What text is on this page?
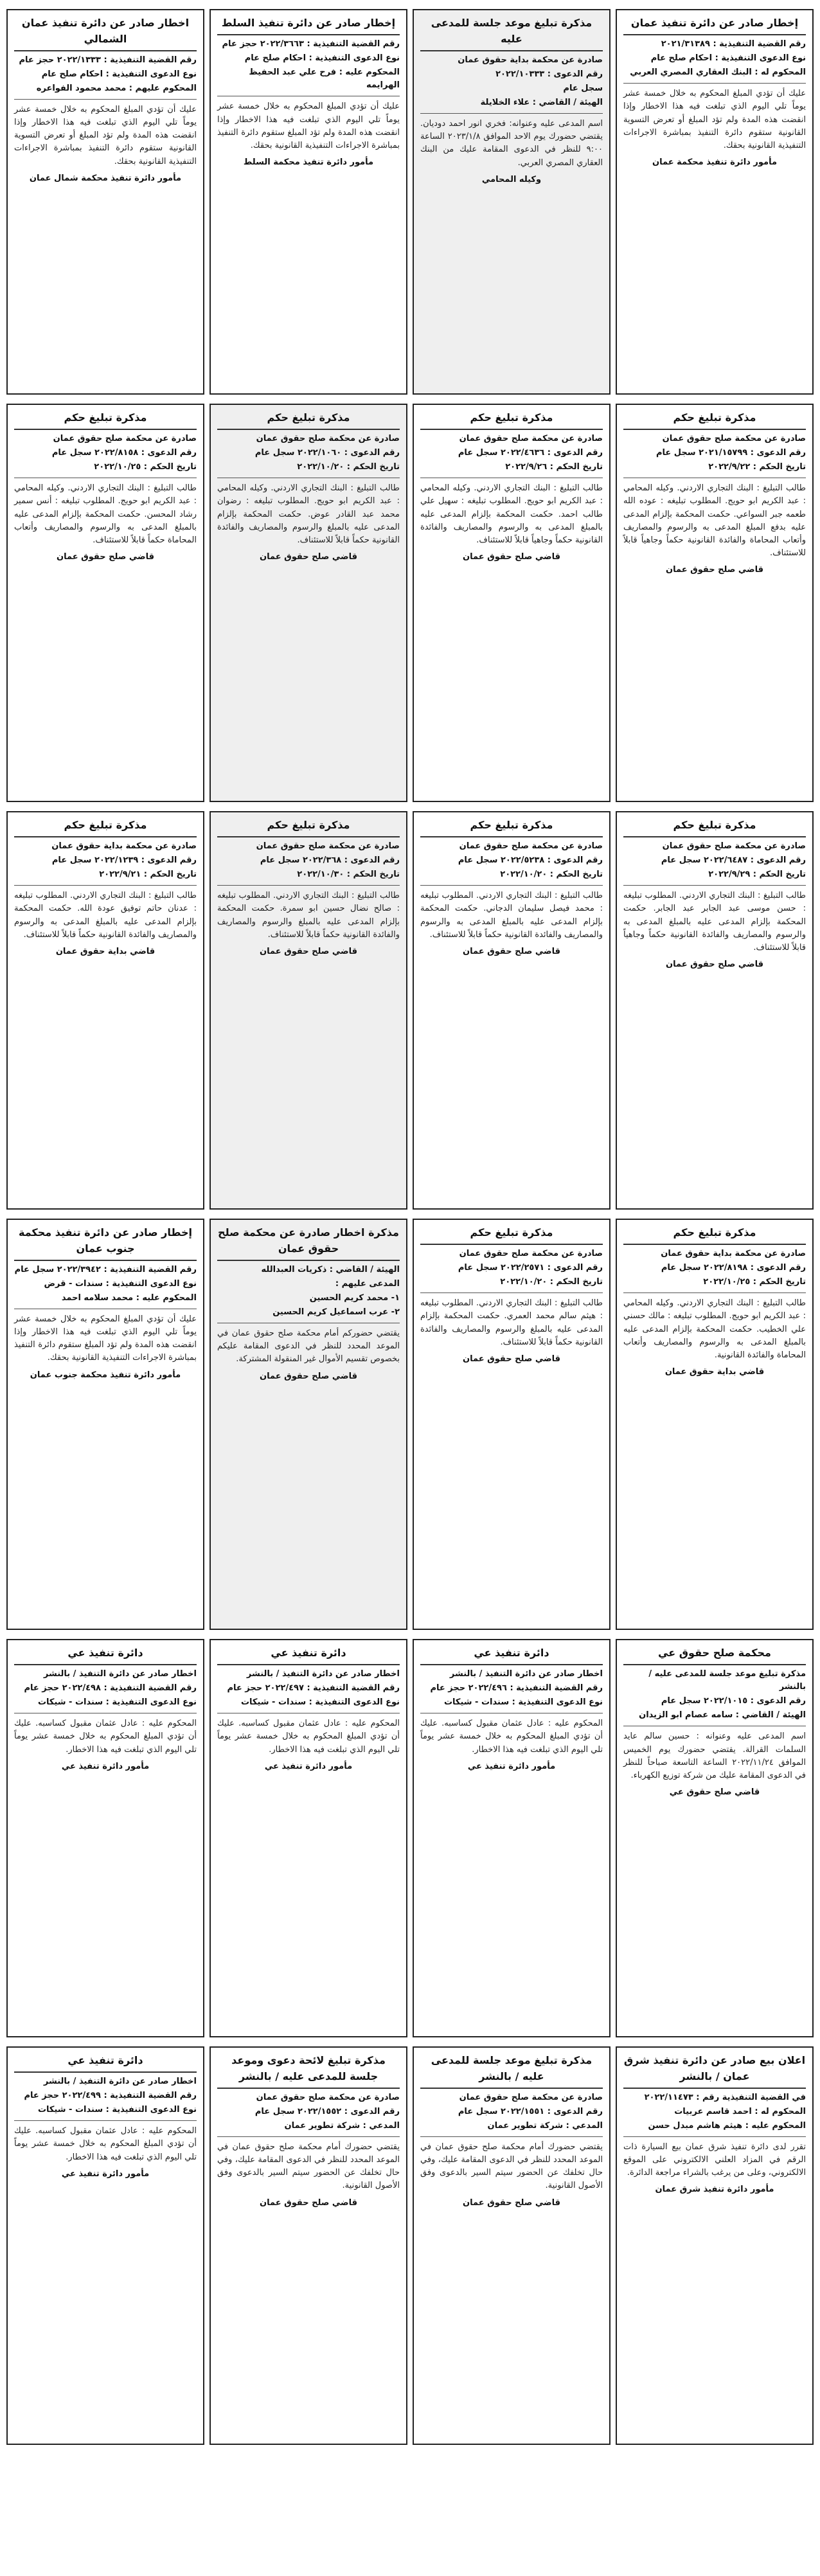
إخطار صادر عن دائرة تنفيذ عمان
رقم القضية التنفيذية : ٢٠٢١/٣١٣٨٩
نوع الدعوى التنفيذية : احكام صلح عام
المحكوم له : البنك العقاري المصري العربي
عليك أن تؤدي المبلغ المحكوم به خلال خمسة عشر يوماً تلي اليوم الذي تبلغت فيه هذا الاخطار وإذا انقضت هذه المدة ولم تؤد المبلغ أو تعرض التسوية القانونية ستقوم دائرة التنفيذ بمباشرة الاجراءات التنفيذية القانونية بحقك.
مأمور دائرة تنفيذ محكمة عمان
مذكرة تبليغ موعد جلسة للمدعى عليه
صادرة عن محكمة بداية حقوق عمان
رقم الدعوى : ٢٠٢٢/١٠٣٣٣
سجل عام
الهيئة / القاضي : علاء الخلايلة
اسم المدعى عليه وعنوانه: فخري انور احمد دوديان. يقتضي حضورك يوم الاحد الموافق ٢٠٢٣/١/٨ الساعة ٩:٠٠ للنظر في الدعوى المقامة عليك من البنك العقاري المصري العربي.
وكيله المحامي
إخطار صادر عن دائرة تنفيذ السلط
رقم القضية التنفيذية : ٢٠٢٢/٣٦٦٣ حجز عام
نوع الدعوى التنفيذية : احكام صلح عام
المحكوم عليه : فرح علي عبد الحفيظ الهرايمه
عليك أن تؤدي المبلغ المحكوم به خلال خمسة عشر يوماً تلي اليوم الذي تبلغت فيه هذا الاخطار وإذا انقضت هذه المدة ولم تؤد المبلغ ستقوم دائرة التنفيذ بمباشرة الاجراءات التنفيذية القانونية بحقك.
مأمور دائرة تنفيذ محكمة السلط
اخطار صادر عن دائرة تنفيذ عمان الشمالي
رقم القضية التنفيذية : ٢٠٢٢/١٣٣٣ حجز عام
نوع الدعوى التنفيذية : احكام صلح عام
المحكوم عليهم : محمد محمود الفواعره
عليك أن تؤدي المبلغ المحكوم به خلال خمسة عشر يوماً تلي اليوم الذي تبلغت فيه هذا الاخطار وإذا انقضت هذه المدة ولم تؤد المبلغ أو تعرض التسوية القانونية ستقوم دائرة التنفيذ بمباشرة الاجراءات التنفيذية القانونية بحقك.
مأمور دائرة تنفيذ محكمة شمال عمان
مذكرة تبليغ حكم
صادرة عن محكمة صلح حقوق عمان
رقم الدعوى : ٢٠٢١/١٥٧٩٩ سجل عام
تاريخ الحكم : ٢٠٢٢/٩/٢٢
طالب التبليغ : البنك التجاري الاردني. وكيله المحامي : عبد الكريم ابو حويج. المطلوب تبليغه : عوده الله طعمه جبر السواعي. حكمت المحكمة بإلزام المدعى عليه بدفع المبلغ المدعى به والرسوم والمصاريف وأتعاب المحاماة والفائدة القانونية حكماً وجاهياً قابلاً للاستئناف.
قاضي صلح حقوق عمان
مذكرة تبليغ حكم
صادرة عن محكمة صلح حقوق عمان
رقم الدعوى : ٢٠٢٢/٤٦٣٦ سجل عام
تاريخ الحكم : ٢٠٢٢/٩/٢٦
طالب التبليغ : البنك التجاري الاردني. وكيله المحامي : عبد الكريم ابو حويج. المطلوب تبليغه : سهيل علي طالب احمد. حكمت المحكمة بإلزام المدعى عليه بالمبلغ المدعى به والرسوم والمصاريف والفائدة القانونية حكماً وجاهياً قابلاً للاستئناف.
قاضي صلح حقوق عمان
مذكرة تبليغ حكم
صادرة عن محكمة صلح حقوق عمان
رقم الدعوى : ٢٠٢٢/١٠٦٠ سجل عام
تاريخ الحكم : ٢٠٢٢/١٠/٢٠
طالب التبليغ : البنك التجاري الاردني. وكيله المحامي : عبد الكريم ابو حويج. المطلوب تبليغه : رضوان محمد عبد القادر عوض. حكمت المحكمة بإلزام المدعى عليه بالمبلغ والرسوم والمصاريف والفائدة القانونية حكماً قابلاً للاستئناف.
قاضي صلح حقوق عمان
مذكرة تبليغ حكم
صادرة عن محكمة صلح حقوق عمان
رقم الدعوى : ٢٠٢٢/٨١٥٨ سجل عام
تاريخ الحكم : ٢٠٢٢/١٠/٢٥
طالب التبليغ : البنك التجاري الاردني. وكيله المحامي : عبد الكريم ابو حويج. المطلوب تبليغه : أنس سمير رشاد المحسن. حكمت المحكمة بإلزام المدعى عليه بالمبلغ المدعى به والرسوم والمصاريف وأتعاب المحاماة حكماً قابلاً للاستئناف.
قاضي صلح حقوق عمان
مذكرة تبليغ حكم
صادرة عن محكمة صلح حقوق عمان
رقم الدعوى : ٢٠٢٢/٦٤٨٧ سجل عام
تاريخ الحكم : ٢٠٢٢/٩/٢٩
طالب التبليغ : البنك التجاري الاردني. المطلوب تبليغه : حسن موسى عبد الجابر عبد الجابر. حكمت المحكمة بإلزام المدعى عليه بالمبلغ المدعى به والرسوم والمصاريف والفائدة القانونية حكماً وجاهياً قابلاً للاستئناف.
قاضي صلح حقوق عمان
مذكرة تبليغ حكم
صادرة عن محكمة صلح حقوق عمان
رقم الدعوى : ٢٠٢٢/٥٢٣٨ سجل عام
تاريخ الحكم : ٢٠٢٢/١٠/٢٠
طالب التبليغ : البنك التجاري الاردني. المطلوب تبليغه : محمد فيصل سليمان الدجاني. حكمت المحكمة بإلزام المدعى عليه بالمبلغ المدعى به والرسوم والمصاريف والفائدة القانونية حكماً قابلاً للاستئناف.
قاضي صلح حقوق عمان
مذكرة تبليغ حكم
صادرة عن محكمة صلح حقوق عمان
رقم الدعوى : ٢٠٢٢/٣٦٨ سجل عام
تاريخ الحكم : ٢٠٢٢/١٠/٣٠
طالب التبليغ : البنك التجاري الاردني. المطلوب تبليغه : صالح نضال حسين ابو سمرة. حكمت المحكمة بإلزام المدعى عليه بالمبلغ والرسوم والمصاريف والفائدة القانونية حكماً قابلاً للاستئناف.
قاضي صلح حقوق عمان
مذكرة تبليغ حكم
صادرة عن محكمة بداية حقوق عمان
رقم الدعوى : ٢٠٢٢/١٢٣٩ سجل عام
تاريخ الحكم : ٢٠٢٢/٩/٢١
طالب التبليغ : البنك التجاري الاردني. المطلوب تبليغه : عدنان حاتم توفيق عودة الله. حكمت المحكمة بإلزام المدعى عليه بالمبلغ المدعى به والرسوم والمصاريف والفائدة القانونية حكماً قابلاً للاستئناف.
قاضي بداية حقوق عمان
مذكرة تبليغ حكم
صادرة عن محكمة بداية حقوق عمان
رقم الدعوى : ٢٠٢٢/٨١٩٨ سجل عام
تاريخ الحكم : ٢٠٢٢/١٠/٢٥
طالب التبليغ : البنك التجاري الاردني. وكيله المحامي : عبد الكريم ابو حويج. المطلوب تبليغه : مالك حسني علي الخطيب. حكمت المحكمة بإلزام المدعى عليه بالمبلغ المدعى به والرسوم والمصاريف وأتعاب المحاماة والفائدة القانونية.
قاضي بداية حقوق عمان
مذكرة تبليغ حكم
صادرة عن محكمة صلح حقوق عمان
رقم الدعوى : ٢٠٢٢/٢٥٧١ سجل عام
تاريخ الحكم : ٢٠٢٢/١٠/٢٠
طالب التبليغ : البنك التجاري الاردني. المطلوب تبليغه : هيثم سالم محمد العمري. حكمت المحكمة بإلزام المدعى عليه بالمبلغ والرسوم والمصاريف والفائدة القانونية حكماً قابلاً للاستئناف.
قاضي صلح حقوق عمان
مذكرة اخطار صادرة عن محكمة صلح حقوق عمان
الهيئة / القاضي : ذكريات العبدالله
المدعى عليهم :
١- محمد كريم الحسين
٢- عرب اسماعيل كريم الحسين
يقتضي حضوركم أمام محكمة صلح حقوق عمان في الموعد المحدد للنظر في الدعوى المقامة عليكم بخصوص تقسيم الأموال غير المنقولة المشتركة.
قاضي صلح حقوق عمان
إخطار صادر عن دائرة تنفيذ محكمة جنوب عمان
رقم القضية التنفيذية : ٢٠٢٢/٣٩٤٢ سجل عام
نوع الدعوى التنفيذية : سندات - قرض
المحكوم عليه : محمد سلامه احمد
عليك أن تؤدي المبلغ المحكوم به خلال خمسة عشر يوماً تلي اليوم الذي تبلغت فيه هذا الاخطار وإذا انقضت هذه المدة ولم تؤد المبلغ ستقوم دائرة التنفيذ بمباشرة الاجراءات التنفيذية القانونية بحقك.
مأمور دائرة تنفيذ محكمة جنوب عمان
محكمة صلح حقوق عي
مذكرة تبليغ موعد جلسة للمدعى عليه / بالنشر
رقم الدعوى : ٢٠٢٢/١٠١٥ سجل عام
الهيئة / القاضي : سامه عصام ابو الزيدان
اسم المدعى عليه وعنوانه : حسين سالم عايد السلمات القرالة. يقتضي حضورك يوم الخميس الموافق ٢٠٢٢/١١/٢٤ الساعة التاسعة صباحاً للنظر في الدعوى المقامة عليك من شركة توزيع الكهرباء.
قاضي صلح حقوق عي
دائرة تنفيذ عي
اخطار صادر عن دائرة التنفيذ / بالنشر
رقم القضية التنفيذية : ٢٠٢٢/٤٩٦ حجز عام
نوع الدعوى التنفيذية : سندات - شيكات
المحكوم عليه : عادل عثمان مقبول كساسبه. عليك أن تؤدي المبلغ المحكوم به خلال خمسة عشر يوماً تلي اليوم الذي تبلغت فيه هذا الاخطار.
مأمور دائرة تنفيذ عي
دائرة تنفيذ عي
اخطار صادر عن دائرة التنفيذ / بالنشر
رقم القضية التنفيذية : ٢٠٢٢/٤٩٧ حجز عام
نوع الدعوى التنفيذية : سندات - شيكات
المحكوم عليه : عادل عثمان مقبول كساسبه. عليك أن تؤدي المبلغ المحكوم به خلال خمسة عشر يوماً تلي اليوم الذي تبلغت فيه هذا الاخطار.
مأمور دائرة تنفيذ عي
دائرة تنفيذ عي
اخطار صادر عن دائرة التنفيذ / بالنشر
رقم القضية التنفيذية : ٢٠٢٢/٤٩٨ حجز عام
نوع الدعوى التنفيذية : سندات - شيكات
المحكوم عليه : عادل عثمان مقبول كساسبه. عليك أن تؤدي المبلغ المحكوم به خلال خمسة عشر يوماً تلي اليوم الذي تبلغت فيه هذا الاخطار.
مأمور دائرة تنفيذ عي
اعلان بيع صادر عن دائرة تنفيذ شرق عمان / بالنشر
في القضية التنفيذية رقم : ٢٠٢٢/١١٤٧٣
المحكوم له : احمد قاسم عربيات
المحكوم عليه : هيثم هاشم مبدل حسن
تقرر لدى دائرة تنفيذ شرق عمان بيع السيارة ذات الرقم في المزاد العلني الالكتروني على الموقع الالكتروني، وعلى من يرغب بالشراء مراجعة الدائرة.
مأمور دائرة تنفيذ شرق عمان
مذكرة تبليغ موعد جلسة للمدعى عليه / بالنشر
صادرة عن محكمة صلح حقوق عمان
رقم الدعوى : ٢٠٢٢/١٥٥١ سجل عام
المدعي : شركة تطوير عمان
يقتضي حضورك أمام محكمة صلح حقوق عمان في الموعد المحدد للنظر في الدعوى المقامة عليك، وفي حال تخلفك عن الحضور سيتم السير بالدعوى وفق الأصول القانونية.
قاضي صلح حقوق عمان
مذكرة تبليغ لائحة دعوى وموعد جلسة للمدعى عليه / بالنشر
صادرة عن محكمة صلح حقوق عمان
رقم الدعوى : ٢٠٢٢/١٥٥٢ سجل عام
المدعي : شركة تطوير عمان
يقتضي حضورك أمام محكمة صلح حقوق عمان في الموعد المحدد للنظر في الدعوى المقامة عليك، وفي حال تخلفك عن الحضور سيتم السير بالدعوى وفق الأصول القانونية.
قاضي صلح حقوق عمان
دائرة تنفيذ عي
اخطار صادر عن دائرة التنفيذ / بالنشر
رقم القضية التنفيذية : ٢٠٢٢/٤٩٩ حجز عام
نوع الدعوى التنفيذية : سندات - شيكات
المحكوم عليه : عادل عثمان مقبول كساسبه. عليك أن تؤدي المبلغ المحكوم به خلال خمسة عشر يوماً تلي اليوم الذي تبلغت فيه هذا الاخطار.
مأمور دائرة تنفيذ عي
